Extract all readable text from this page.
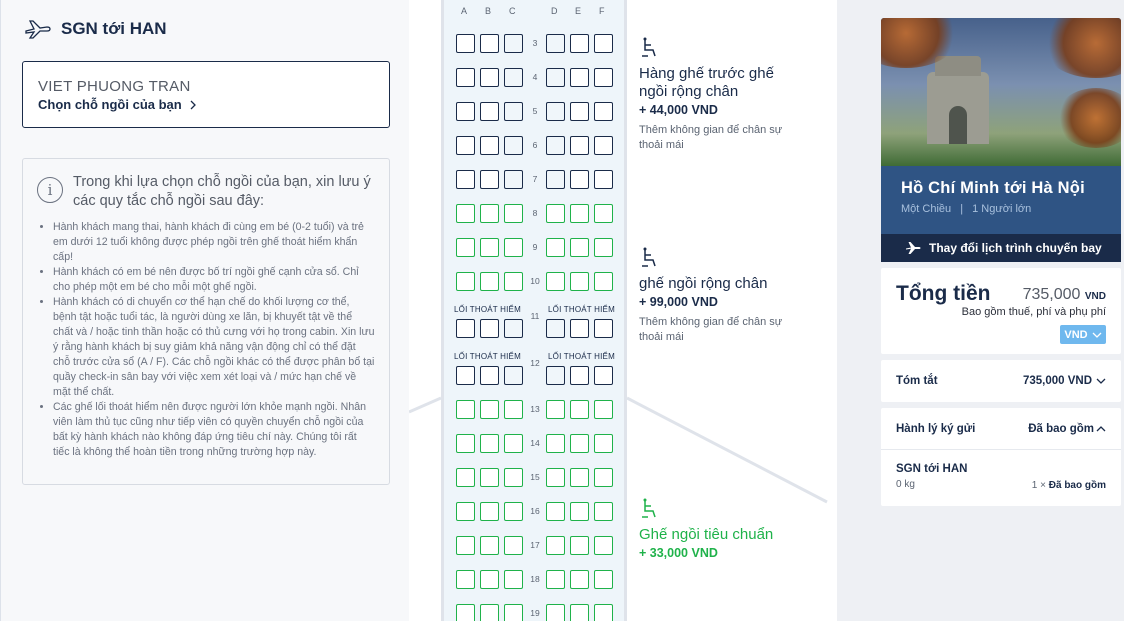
SGN tới HAN
VIET PHUONG TRAN
Chọn chỗ ngồi của bạn
i	Trong khi lựa chọn chỗ ngồi của bạn, xin lưu ý các quy tắc chỗ ngồi sau đây:
• Hành khách mang thai, hành khách đi cùng em bé (0-2 tuổi) và trẻ em dưới 12 tuổi không được phép ngồi trên ghế thoát hiểm khẩn cấp!
• Hành khách có em bé nên được bố trí ngồi ghế cạnh cửa sổ. Chỉ cho phép một em bé cho mỗi một ghế ngồi.
• Hành khách có di chuyển cơ thể hạn chế do khối lượng cơ thể, bệnh tật hoặc tuổi tác, là người dùng xe lăn, bị khuyết tật về thể chất và / hoặc tinh thần hoặc có thủ cưng với họ trong cabin. Xin lưu ý rằng hành khách bị suy giảm khả năng vận động chỉ có thể đặt chỗ trước cửa sổ (A / F). Các chỗ ngồi khác có thể được phân bổ tại quầy check-in sân bay với việc xem xét loại và / mức hạn chế về mặt thể chất.
• Các ghế lối thoát hiểm nên được người lớn khỏe mạnh ngồi. Nhân viên làm thủ tục cũng như tiếp viên có quyền chuyển chỗ ngồi của bất kỳ hành khách nào không đáp ứng tiêu chí này. Chúng tôi rất tiếc là không thể hoàn tiền trong những trường hợp này.
A B C	D E F
3
4
5
6
7
8
9
10
LỐI THOÁT HIỂM	LỐI THOÁT HIỂM
11
LỐI THOÁT HIỂM	LỐI THOÁT HIỂM
12
13
14
15
16
17
18
19
Hàng ghế trước ghế ngồi rộng chân
+ 44,000 VND
Thêm không gian để chân sự thoải mái
ghế ngồi rộng chân
+ 99,000 VND
Thêm không gian để chân sự thoải mái
Ghế ngồi tiêu chuẩn
+ 33,000 VND
Hồ Chí Minh tới Hà Nội
Một Chiều | 1 Người lớn
Thay đổi lịch trình chuyến bay
Tổng tiền 735,000 VND
Bao gồm thuế, phí và phụ phí
VND
Tóm tắt	735,000 VND
Hành lý ký gửi	Đã bao gồm
SGN tới HAN
0 kg	1 × Đã bao gồm
